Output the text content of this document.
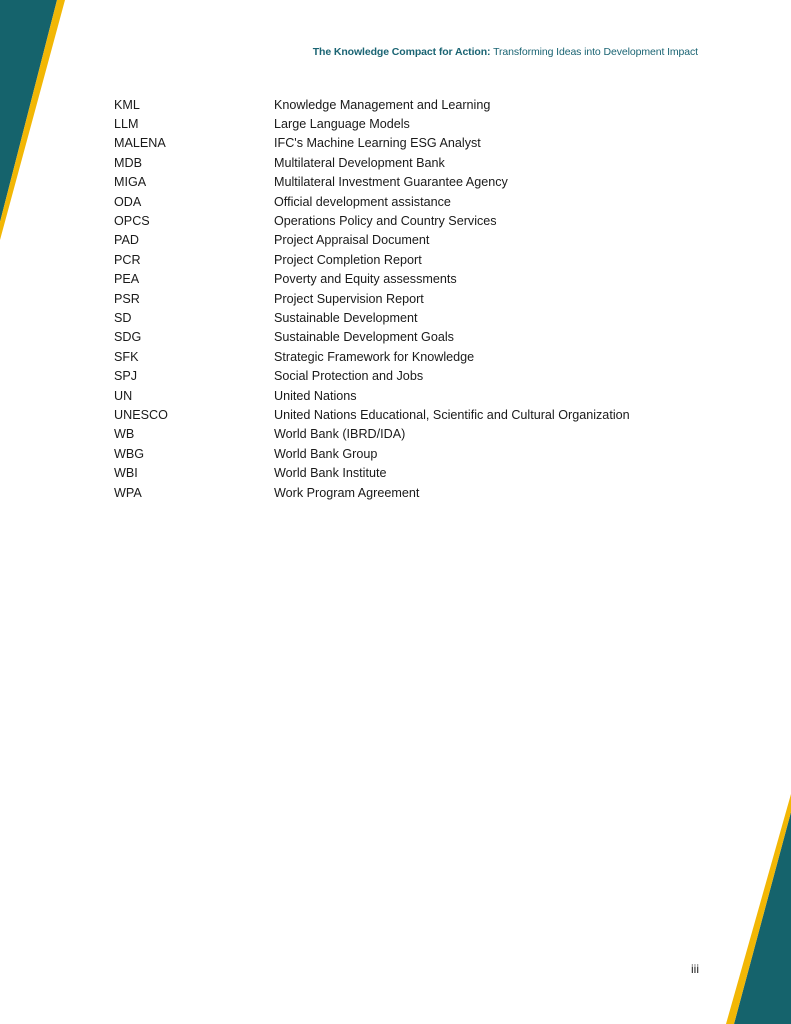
The Knowledge Compact for Action: Transforming Ideas into Development Impact
KML	Knowledge Management and Learning
LLM	Large Language Models
MALENA	IFC's Machine Learning ESG Analyst
MDB	Multilateral Development Bank
MIGA	Multilateral Investment Guarantee Agency
ODA	Official development assistance
OPCS	Operations Policy and Country Services
PAD	Project Appraisal Document
PCR	Project Completion Report
PEA	Poverty and Equity assessments
PSR	Project Supervision Report
SD	Sustainable Development
SDG	Sustainable Development Goals
SFK	Strategic Framework for Knowledge
SPJ	Social Protection and Jobs
UN	United Nations
UNESCO	United Nations Educational, Scientific and Cultural Organization
WB	World Bank (IBRD/IDA)
WBG	World Bank Group
WBI	World Bank Institute
WPA	Work Program Agreement
iii
